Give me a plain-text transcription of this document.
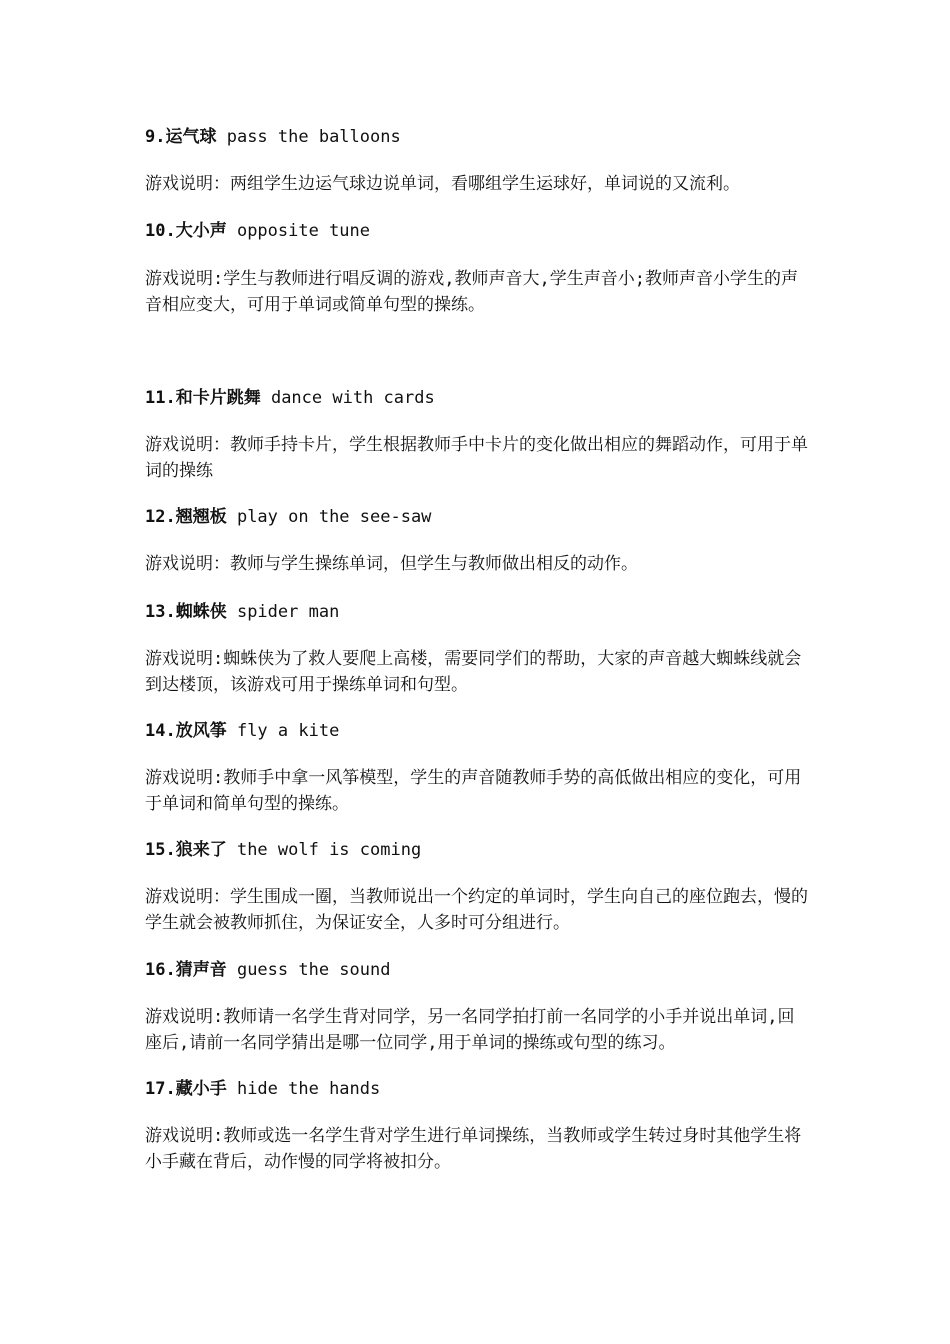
9.运气球 pass the balloons
游戏说明：两组学生边运气球边说单词，看哪组学生运球好，单词说的又流利。
10.大小声 opposite tune
游戏说明:学生与教师进行唱反调的游戏,教师声音大,学生声音小;教师声音小学生的声音相应变大，可用于单词或简单句型的操练。
11.和卡片跳舞 dance with cards
游戏说明：教师手持卡片，学生根据教师手中卡片的变化做出相应的舞蹈动作，可用于单词的操练
12.翘翘板 play on the see-saw
游戏说明：教师与学生操练单词，但学生与教师做出相反的动作。
13.蜘蛛侠 spider man
游戏说明:蜘蛛侠为了救人要爬上高楼，需要同学们的帮助，大家的声音越大蜘蛛线就会到达楼顶，该游戏可用于操练单词和句型。
14.放风筝 fly a kite
游戏说明:教师手中拿一风筝模型，学生的声音随教师手势的高低做出相应的变化，可用于单词和简单句型的操练。
15.狼来了 the wolf is coming
游戏说明：学生围成一圈，当教师说出一个约定的单词时，学生向自己的座位跑去，慢的学生就会被教师抓住，为保证安全，人多时可分组进行。
16.猜声音 guess the sound
游戏说明:教师请一名学生背对同学，另一名同学拍打前一名同学的小手并说出单词,回座后,请前一名同学猜出是哪一位同学,用于单词的操练或句型的练习。
17.藏小手 hide the hands
游戏说明:教师或选一名学生背对学生进行单词操练，当教师或学生转过身时其他学生将小手藏在背后，动作慢的同学将被扣分。
